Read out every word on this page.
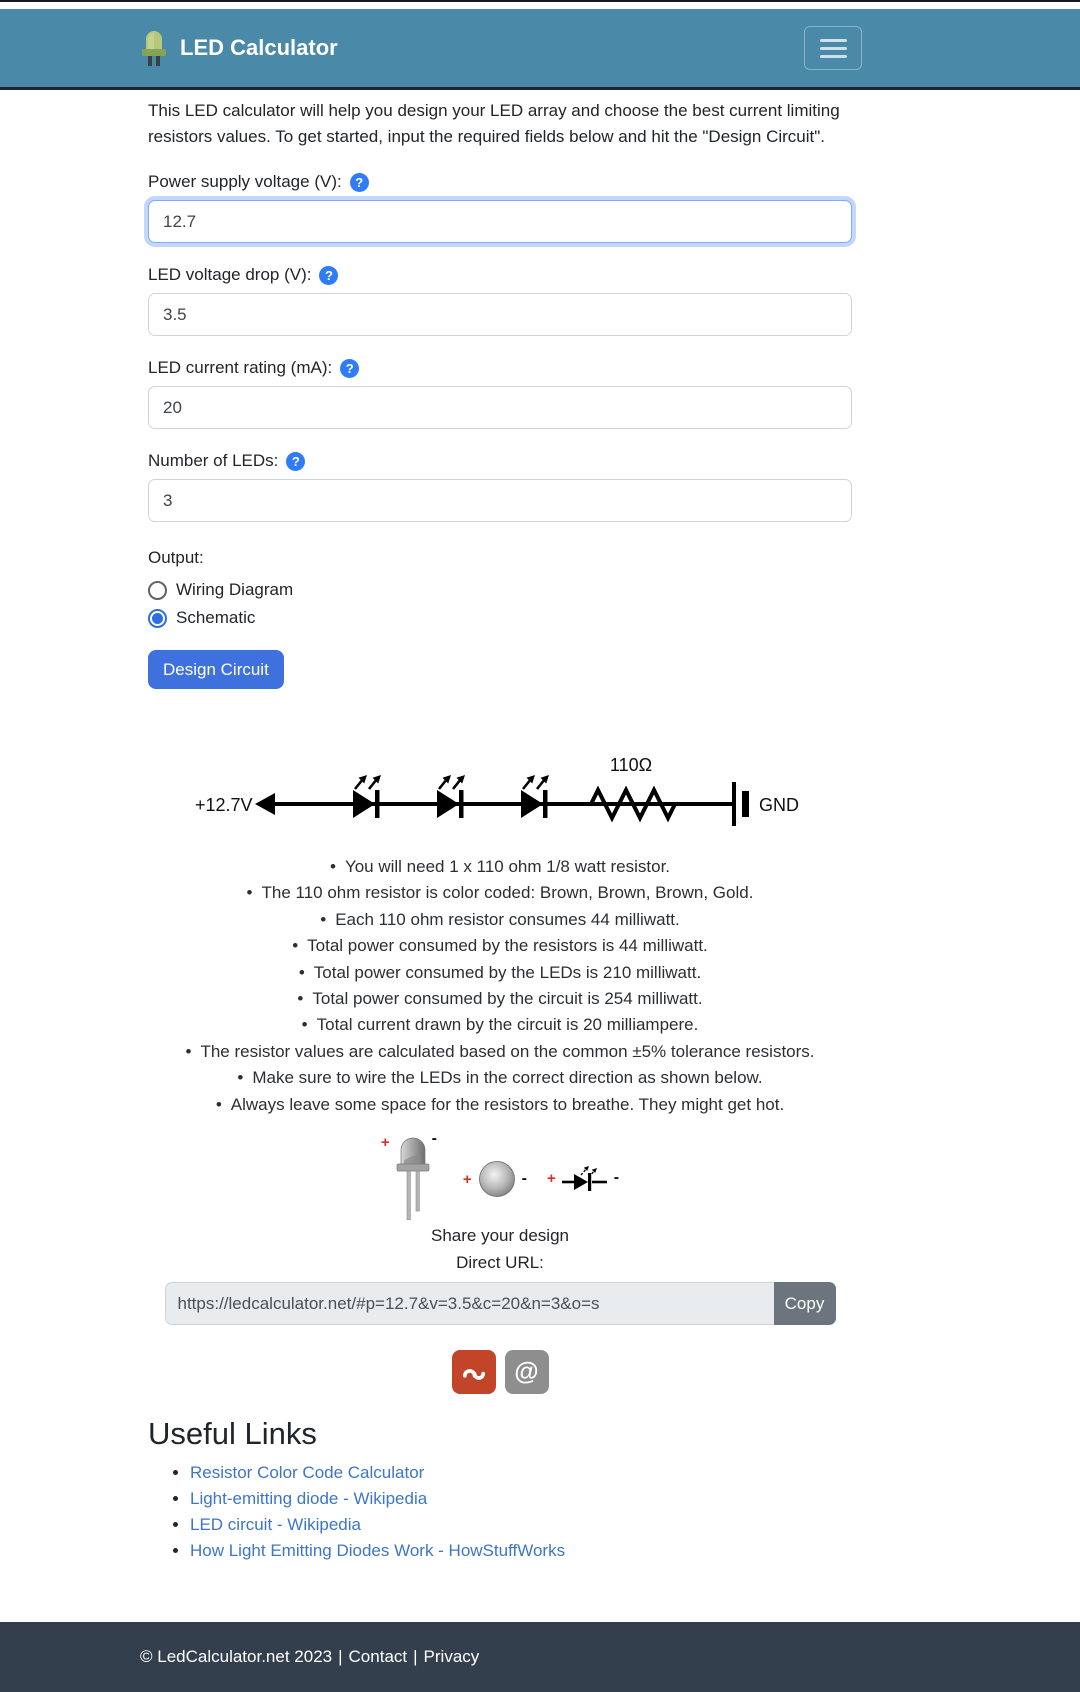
LED Calculator

This LED calculator will help you design your LED array and choose the best current limiting resistors values. To get started, input the required fields below and hit the "Design Circuit".

Power supply voltage (V):	?
12.7
LED voltage drop (V):	?
3.5
LED current rating (mA):	?
20
Number of LEDs:	?
3
Output:
Wiring Diagram
Schematic
Design Circuit
+12.7V
110Ω
GND
• You will need 1 x 110 ohm 1/8 watt resistor.
• The 110 ohm resistor is color coded: Brown, Brown, Brown, Gold.
• Each 110 ohm resistor consumes 44 milliwatt.
• Total power consumed by the resistors is 44 milliwatt.
• Total power consumed by the LEDs is 210 milliwatt.
• Total power consumed by the circuit is 254 milliwatt.
• Total current drawn by the circuit is 20 milliampere.
• The resistor values are calculated based on the common ±5% tolerance resistors.
• Make sure to wire the LEDs in the correct direction as shown below.
• Always leave some space for the resistors to breathe. They might get hot.
+	-
+	- +	-
Share your design
Direct URL:
https://ledcalculator.net/#p=12.7&v=3.5&c=20&n=3&o=s
Copy
@
Useful Links
• Resistor Color Code Calculator
• Light-emitting diode - Wikipedia
• LED circuit - Wikipedia
• How Light Emitting Diodes Work - HowStuffWorks
© LedCalculator.net 2023 | Contact | Privacy
